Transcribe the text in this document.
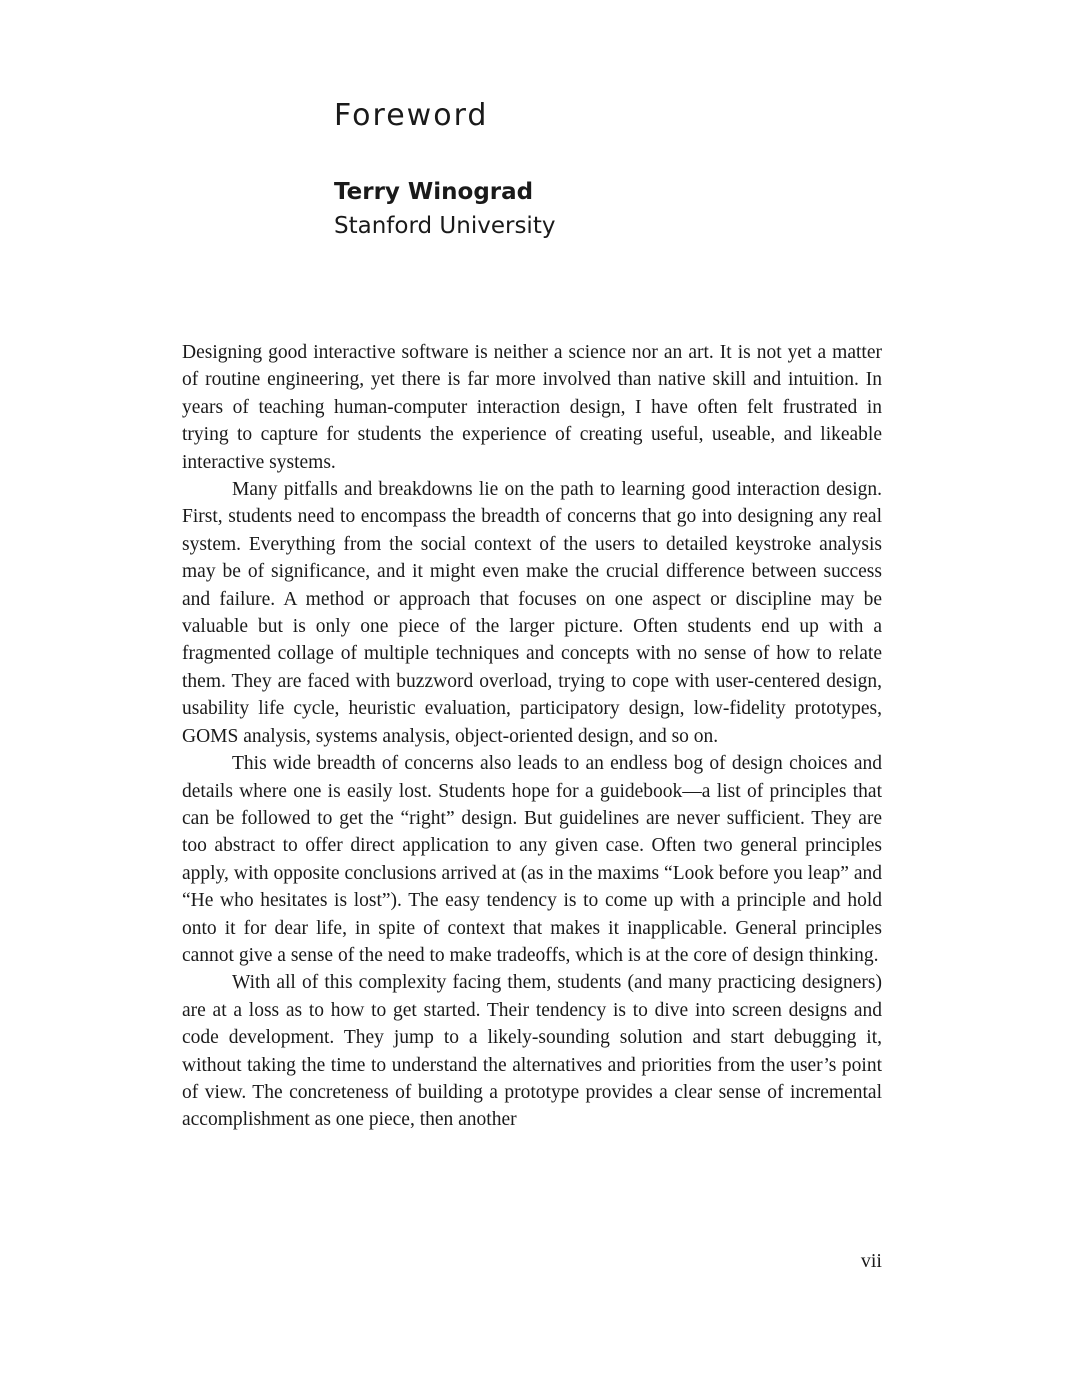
Foreword
Terry Winograd
Stanford University

Designing good interactive software is neither a science nor an art. It is not yet a matter of routine engineering, yet there is far more involved than native skill and intuition. In years of teaching human-computer interaction design, I have often felt frustrated in trying to capture for students the experience of creating useful, useable, and likeable interactive systems.

Many pitfalls and breakdowns lie on the path to learning good interaction design. First, students need to encompass the breadth of concerns that go into designing any real system. Everything from the social context of the users to detailed keystroke analysis may be of significance, and it might even make the crucial difference between success and failure. A method or approach that focuses on one aspect or discipline may be valuable but is only one piece of the larger picture. Often students end up with a fragmented collage of multiple techniques and concepts with no sense of how to relate them. They are faced with buzzword overload, trying to cope with user-centered design, usability life cycle, heuristic evaluation, participatory design, low-fidelity prototypes, GOMS analysis, systems analysis, object-oriented design, and so on.

This wide breadth of concerns also leads to an endless bog of design choices and details where one is easily lost. Students hope for a guidebook—a list of principles that can be followed to get the “right” design. But guidelines are never sufficient. They are too abstract to offer direct application to any given case. Often two general principles apply, with opposite conclusions arrived at (as in the maxims “Look before you leap” and “He who hesitates is lost”). The easy tendency is to come up with a principle and hold onto it for dear life, in spite of context that makes it inapplicable. General principles cannot give a sense of the need to make tradeoffs, which is at the core of design thinking.

With all of this complexity facing them, students (and many practicing designers) are at a loss as to how to get started. Their tendency is to dive into screen designs and code development. They jump to a likely-sounding solution and start debugging it, without taking the time to understand the alternatives and priorities from the user’s point of view. The concreteness of building a prototype provides a clear sense of incremental accomplishment as one piece, then another

vii
